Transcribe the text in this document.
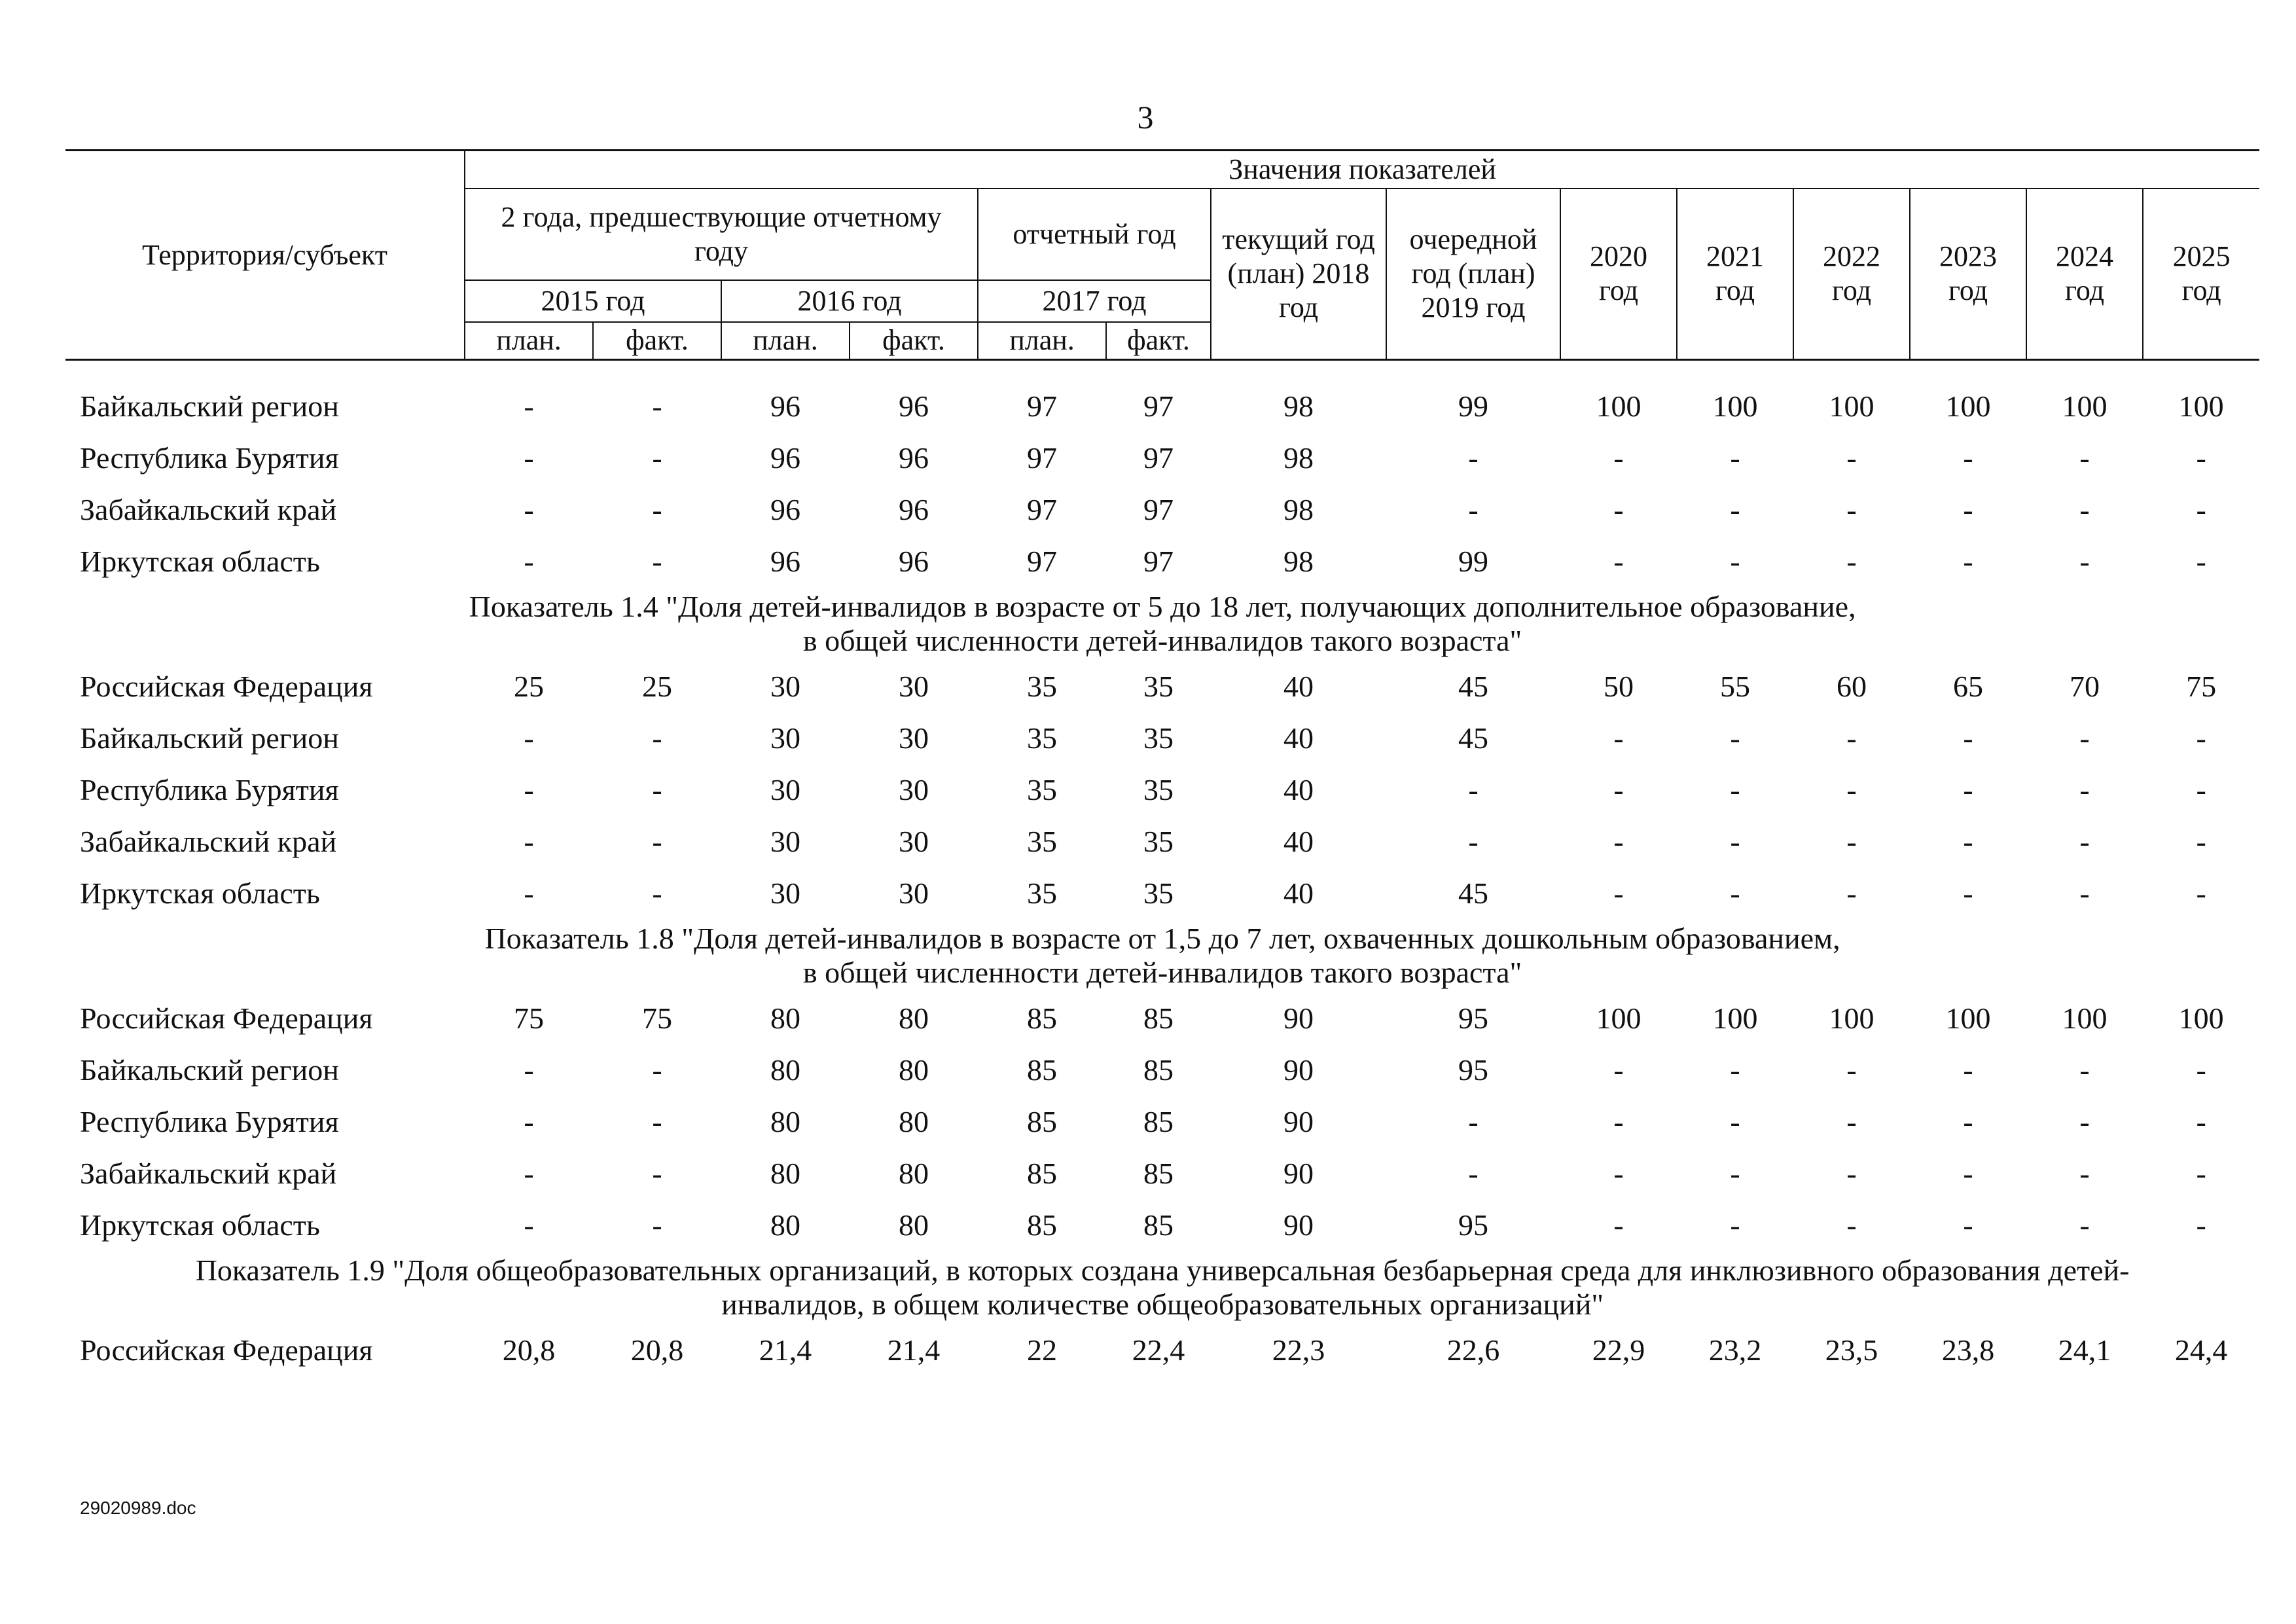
3
Территория/субъект	Значения показателей													
	2 года, предшествующие отчетному году				отчетный год		текущий год (план) 2018 год	очередной год (план) 2019 год	2020 год	2021 год	2022 год	2023 год	2024 год	2025 год
	2015 год		2016 год		2017 год									
	план.	факт.	план.	факт.	план.	факт.								

Байкальский регион	-	-	96	96	97	97	98	99	100	100	100	100	100	100
Республика Бурятия	-	-	96	96	97	97	98	-	-	-	-	-	-	-
Забайкальский край	-	-	96	96	97	97	98	-	-	-	-	-	-	-
Иркутская область	-	-	96	96	97	97	98	99	-	-	-	-	-	-

Показатель 1.4 "Доля детей-инвалидов в возрасте от 5 до 18 лет, получающих дополнительное образование,
в общей численности детей-инвалидов такого возраста"														

Российская Федерация	25	25	30	30	35	35	40	45	50	55	60	65	70	75
Байкальский регион	-	-	30	30	35	35	40	45	-	-	-	-	-	-
Республика Бурятия	-	-	30	30	35	35	40	-	-	-	-	-	-	-
Забайкальский край	-	-	30	30	35	35	40	-	-	-	-	-	-	-
Иркутская область	-	-	30	30	35	35	40	45	-	-	-	-	-	-

Показатель 1.8 "Доля детей-инвалидов в возрасте от 1,5 до 7 лет, охваченных дошкольным образованием,
в общей численности детей-инвалидов такого возраста"														

Российская Федерация	75	75	80	80	85	85	90	95	100	100	100	100	100	100
Байкальский регион	-	-	80	80	85	85	90	95	-	-	-	-	-	-
Республика Бурятия	-	-	80	80	85	85	90	-	-	-	-	-	-	-
Забайкальский край	-	-	80	80	85	85	90	-	-	-	-	-	-	-
Иркутская область	-	-	80	80	85	85	90	95	-	-	-	-	-	-

Показатель 1.9 "Доля общеобразовательных организаций, в которых создана универсальная безбарьерная среда для инклюзивного образования детей-
инвалидов, в общем количестве общеобразовательных организаций"														

Российская Федерация	20,8	20,8	21,4	21,4	22	22,4	22,3	22,6	22,9	23,2	23,5	23,8	24,1	24,4
29020989.doc
